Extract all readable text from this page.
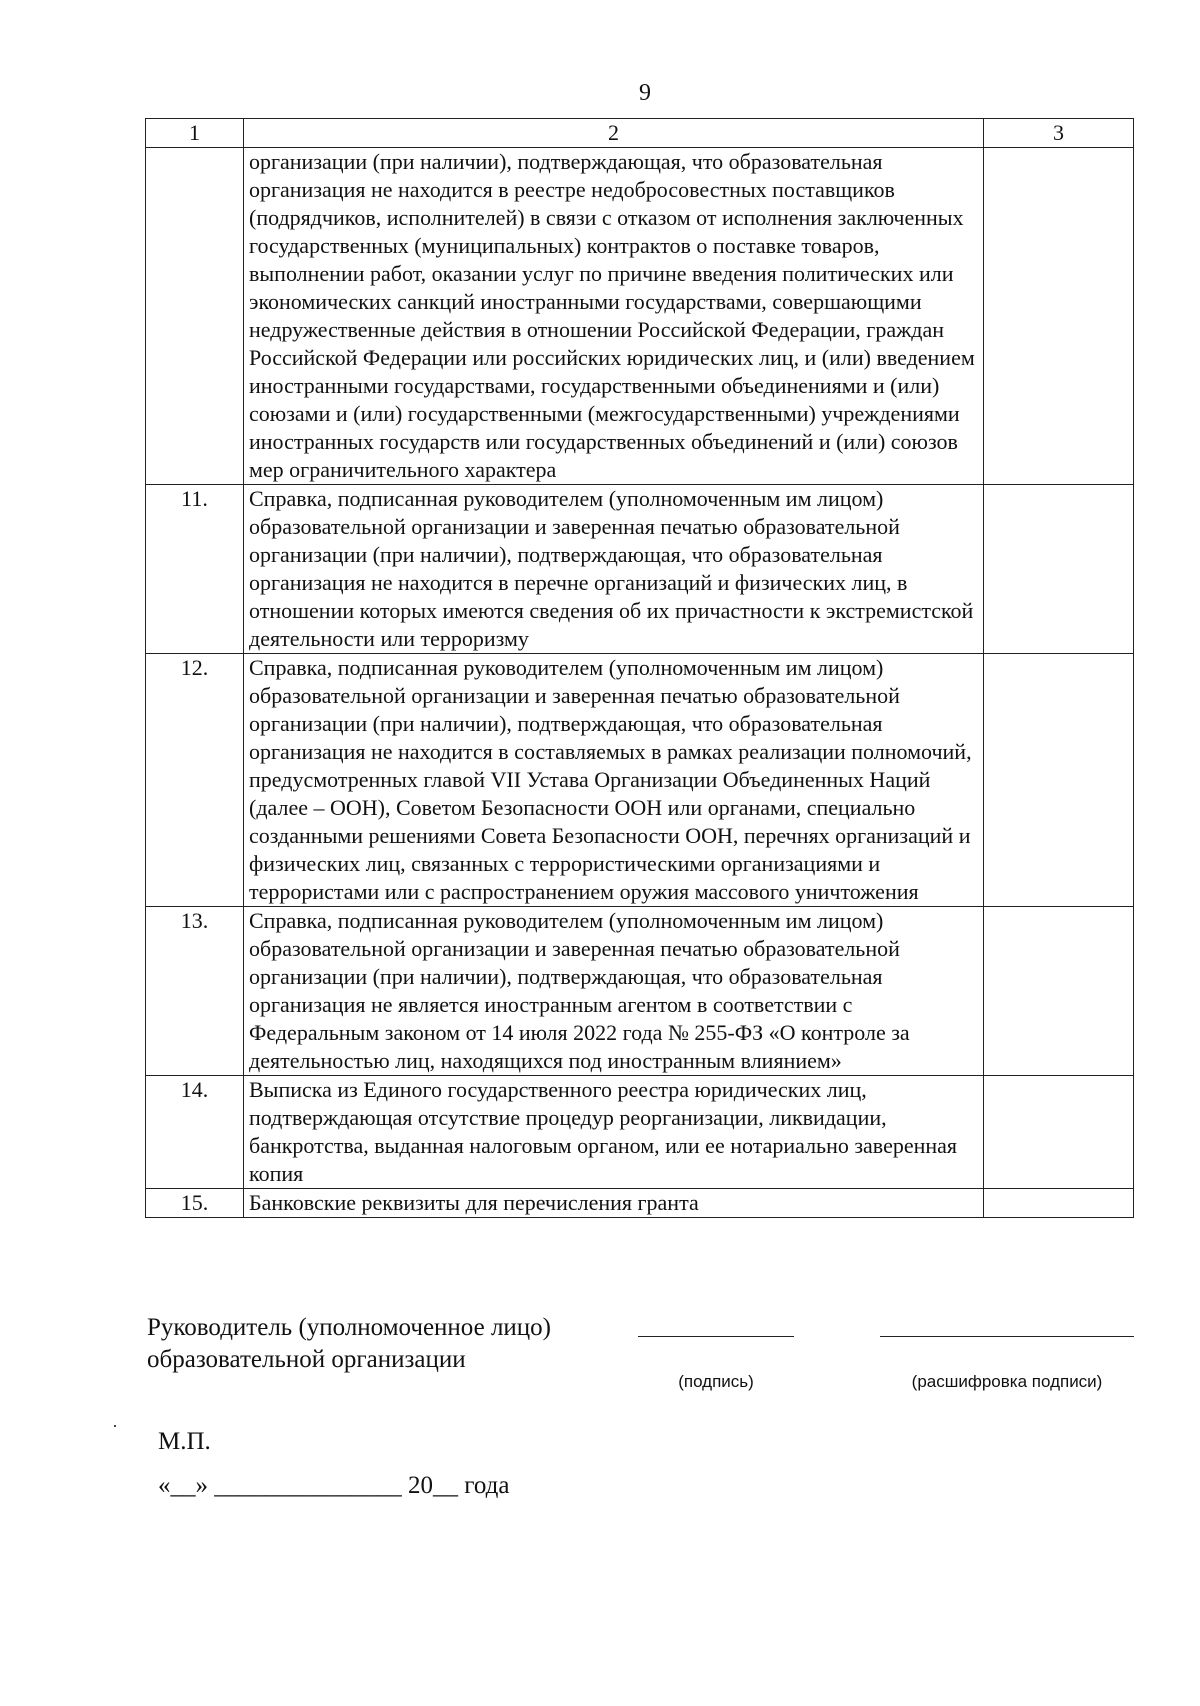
9
1	2	3
	организации (при наличии), подтверждающая, что образовательная организация не находится в реестре недобросовестных поставщиков (подрядчиков, исполнителей) в связи с отказом от исполнения заключенных государственных (муниципальных) контрактов о поставке товаров, выполнении работ, оказании услуг по причине введения политических или экономических санкций иностранными государствами, совершающими недружественные действия в отношении Российской Федерации, граждан Российской Федерации или российских юридических лиц, и (или) введением иностранными государствами, государственными объединениями и (или) союзами и (или) государственными (межгосударственными) учреждениями иностранных государств или государственных объединений и (или) союзов мер ограничительного характера	
11.	Справка, подписанная руководителем (уполномоченным им лицом) образовательной организации и заверенная печатью образовательной организации (при наличии), подтверждающая, что образовательная организация не находится в перечне организаций и физических лиц, в отношении которых имеются сведения об их причастности к экстремистской деятельности или терроризму	
12.	Справка, подписанная руководителем (уполномоченным им лицом) образовательной организации и заверенная печатью образовательной организации (при наличии), подтверждающая, что образовательная организация не находится в составляемых в рамках реализации полномочий, предусмотренных главой VII Устава Организации Объединенных Наций (далее – ООН), Советом Безопасности ООН или органами, специально созданными решениями Совета Безопасности ООН, перечнях организаций и физических лиц, связанных с террористическими организациями и террористами или с распространением оружия массового уничтожения	
13.	Справка, подписанная руководителем (уполномоченным им лицом) образовательной организации и заверенная печатью образовательной организации (при наличии), подтверждающая, что образовательная организация не является иностранным агентом в соответствии с Федеральным законом от 14 июля 2022 года № 255-ФЗ «О контроле за деятельностью лиц, находящихся под иностранным влиянием»	
14.	Выписка из Единого государственного реестра юридических лиц, подтверждающая отсутствие процедур реорганизации, ликвидации, банкротства, выданная налоговым органом, или ее нотариально заверенная копия	
15.	Банковские реквизиты для перечисления гранта	
Руководитель (уполномоченное лицо)
образовательной организации
(подпись)	(расшифровка подписи)
М.П.
«__» _______________ 20__ года
